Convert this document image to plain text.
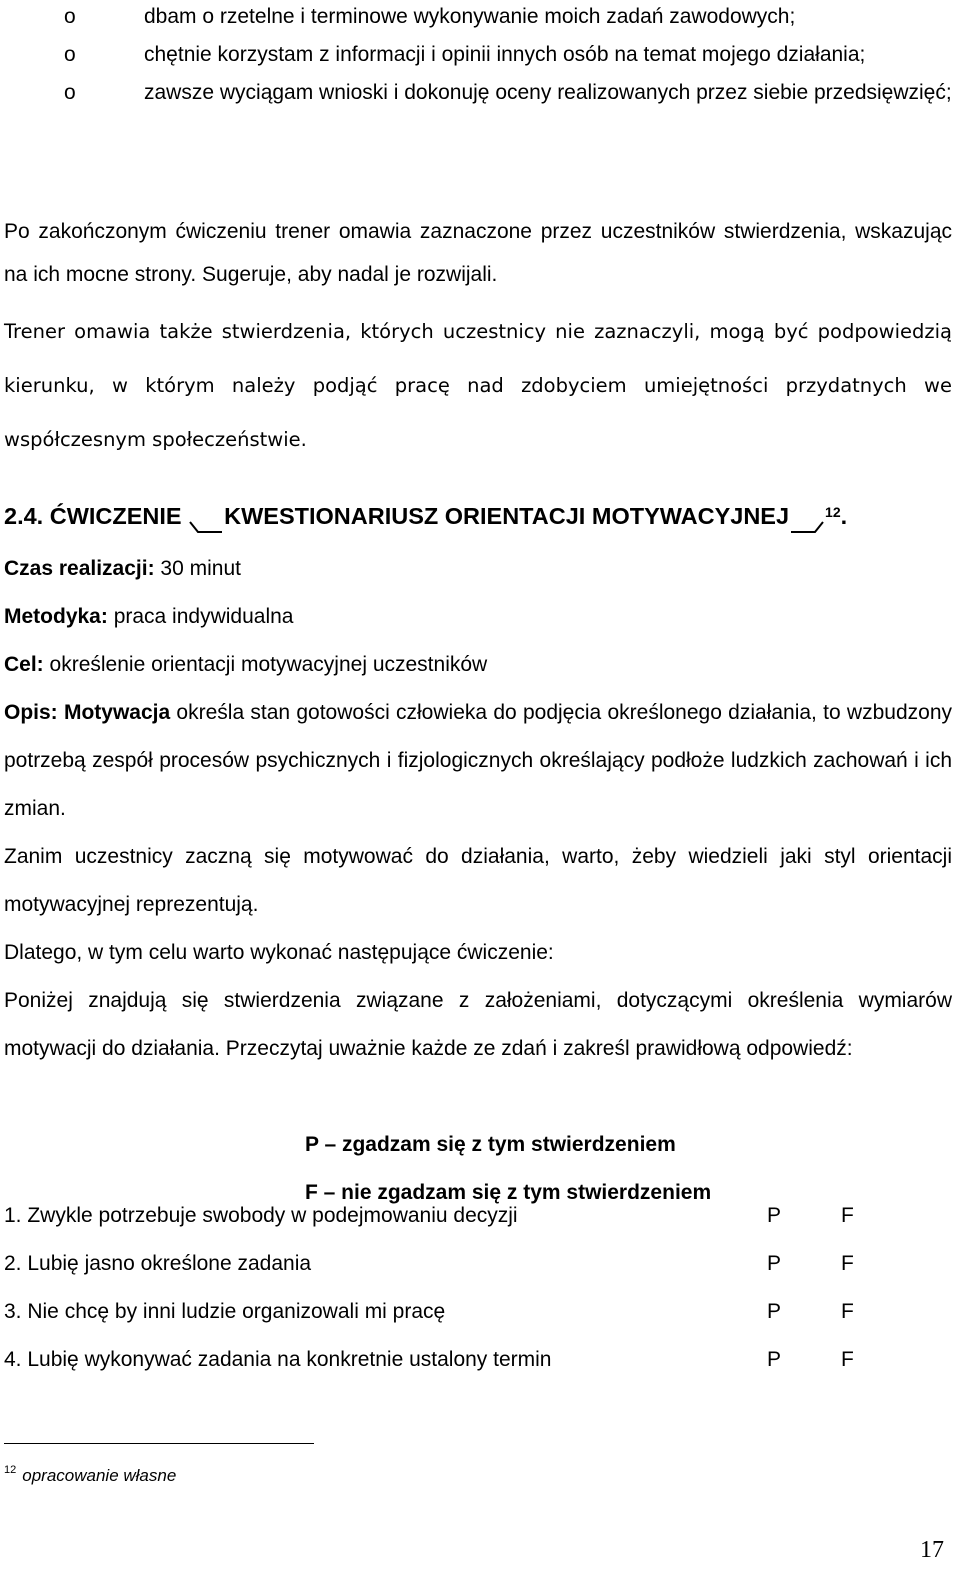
o	dbam o rzetelne i terminowe wykonywanie moich zadań zawodowych;
o	chętnie korzystam z informacji i opinii innych osób na temat mojego działania;
o	zawsze wyciągam wnioski i dokonuję oceny realizowanych przez siebie przedsięwzięć;
Po zakończonym ćwiczeniu trener omawia zaznaczone przez uczestników stwierdzenia, wskazując na ich mocne strony. Sugeruje, aby nadal je rozwijali.
Trener omawia także stwierdzenia, których uczestnicy nie zaznaczyli, mogą być podpowiedzią kierunku, w którym należy podjąć pracę nad zdobyciem umiejętności przydatnych we współczesnym społeczeństwie.
2.4. ĆWICZENIE KWESTIONARIUSZ ORIENTACJI MOTYWACYJNEJ	$^{12}$.
Czas realizacji: 30 minut
Metodyka: praca indywidualna
Cel: określenie orientacji motywacyjnej uczestników
Opis: Motywacja określa stan gotowości człowieka do podjęcia określonego działania, to wzbudzony potrzebą zespół procesów psychicznych i fizjologicznych określający podłoże ludzkich zachowań i ich zmian.
Zanim uczestnicy zaczną się motywować do działania, warto, żeby wiedzieli jaki styl orientacji motywacyjnej reprezentują.
Dlatego, w tym celu warto wykonać następujące ćwiczenie:
Poniżej znajdują się stwierdzenia związane z założeniami, dotyczącymi określenia wymiarów motywacji do działania. Przeczytaj uważnie każde ze zdań i zakreśl prawidłową odpowiedź:
P – zgadzam się z tym stwierdzeniem
F – nie zgadzam się z tym stwierdzeniem
1. Zwykle potrzebuje swobody w podejmowaniu decyzji	P	F
2. Lubię jasno określone zadania	P	F
3. Nie chcę by inni ludzie organizowali mi pracę	P	F
4. Lubię wykonywać zadania na konkretnie ustalony termin	P	F
$^{12}$ opracowanie własne
17
